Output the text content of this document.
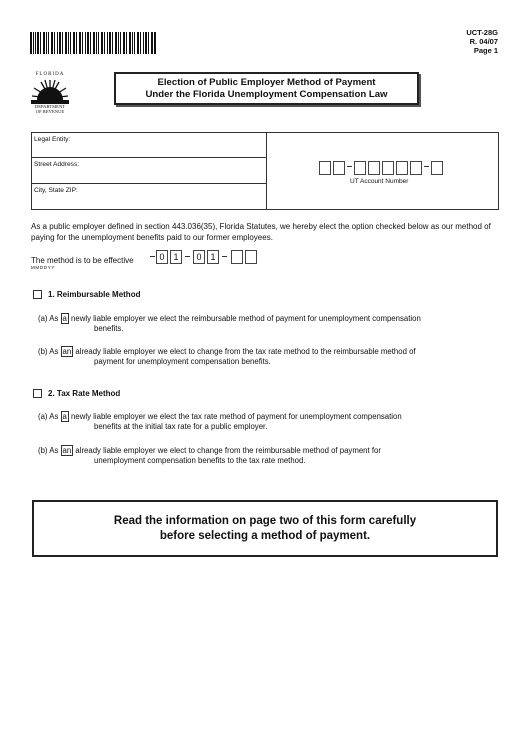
UCT-28G
R. 04/07
Page 1
FLORIDA
DEPARTMENT
OF REVENUE
Election of Public Employer Method of Payment
Under the Florida Unemployment Compensation Law
Legal Entity:
Street Address:
City, State ZIP:
UT Account Number
As a public employer defined in section 443.036(35), Florida Statutes, we hereby elect the option checked below as our method of paying for the unemployment benefits paid to our former employees.
The method is to be effective
MMDDYY
0 1	0 1
1. Reimbursable Method
(a) As a newly liable employer we elect the reimbursable method of payment for unemployment compensation
benefits.
(b) As an already liable employer we elect to change from the tax rate method to the reimbursable method of
payment for unemployment compensation benefits.
2. Tax Rate Method
(a) As a newly liable employer we elect the tax rate method of payment for unemployment compensation
benefits at the initial tax rate for a public employer.
(b) As an already liable employer we elect to change from the reimbursable method of payment for
unemployment compensation benefits to the tax rate method.
Read the information on page two of this form carefully
before selecting a method of payment.
